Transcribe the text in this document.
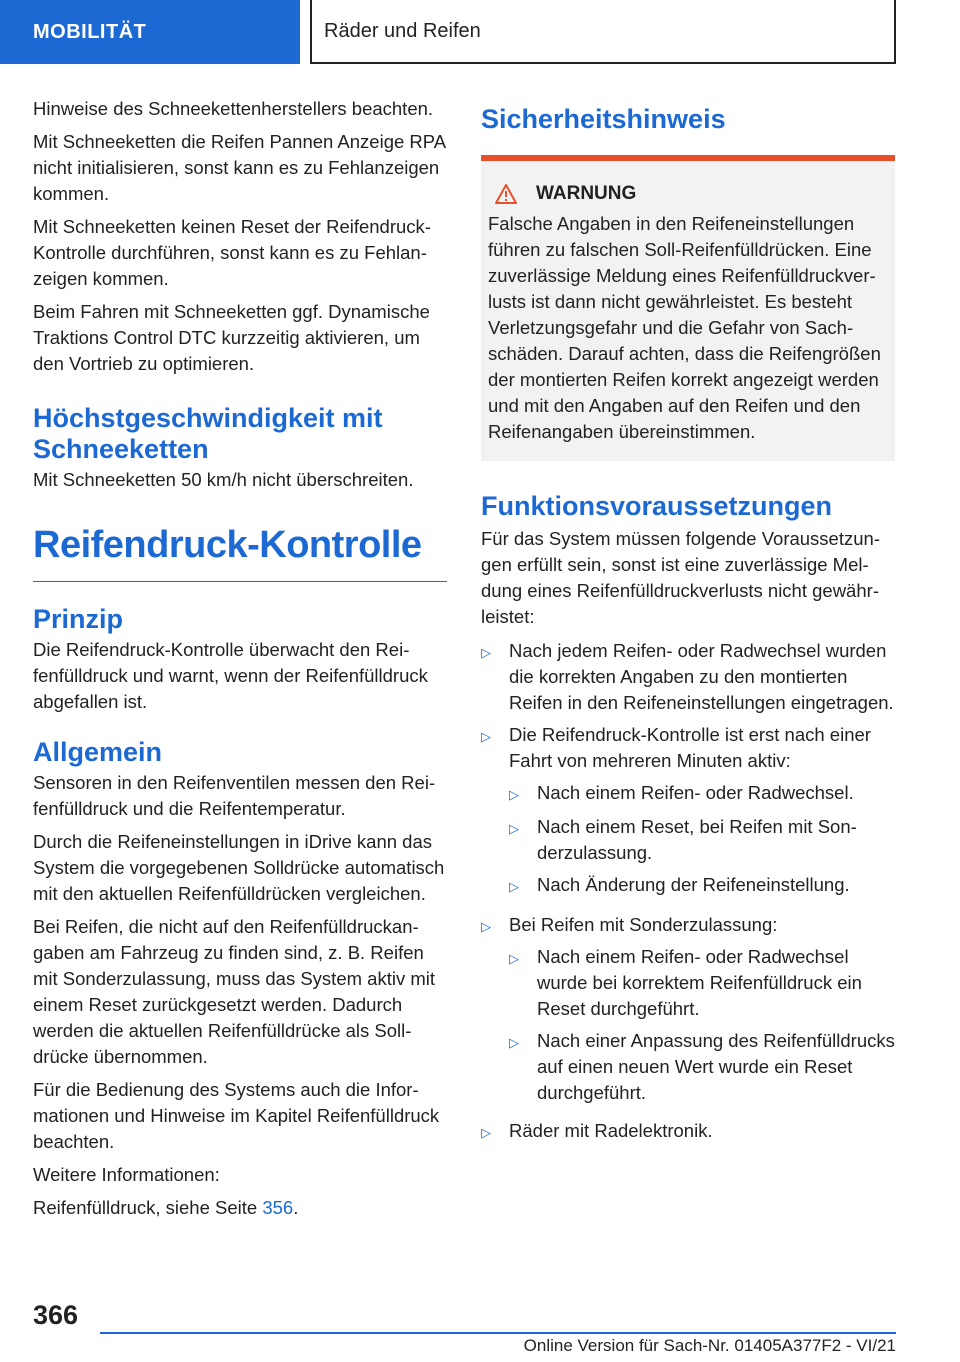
MOBILITÄT	Räder und Reifen

Hinweise des Schneekettenherstellers beachten.

Mit Schneeketten die Reifen Pannen Anzeige RPA nicht initialisieren, sonst kann es zu Fehlanzeigen kommen.

Mit Schneeketten keinen Reset der Reifendruck-Kontrolle durchführen, sonst kann es zu Fehlanzeigen kommen.

Beim Fahren mit Schneeketten ggf. Dynamische Traktions Control DTC kurzzeitig aktivieren, um den Vortrieb zu optimieren.

Höchstgeschwindigkeit mit Schneeketten

Mit Schneeketten 50 km/h nicht überschreiten.

Reifendruck-Kontrolle
Prinzip

Die Reifendruck-Kontrolle überwacht den Reifenfülldruck und warnt, wenn der Reifenfülldruck abgefallen ist.

Allgemein

Sensoren in den Reifenventilen messen den Reifenfülldruck und die Reifentemperatur.

Durch die Reifeneinstellungen in iDrive kann das System die vorgegebenen Solldrücke automatisch mit den aktuellen Reifenfülldrücken vergleichen.

Bei Reifen, die nicht auf den Reifenfülldruckangaben am Fahrzeug zu finden sind, z. B. Reifen mit Sonderzulassung, muss das System aktiv mit einem Reset zurückgesetzt werden. Dadurch werden die aktuellen Reifenfülldrücke als Solldrücke übernommen.

Für die Bedienung des Systems auch die Informationen und Hinweise im Kapitel Reifenfülldruck beachten.

Weitere Informationen:

Reifenfülldruck, siehe Seite 356.

Sicherheitshinweis
WARNUNG

Falsche Angaben in den Reifeneinstellungen führen zu falschen Soll-Reifenfülldrücken. Eine zuverlässige Meldung eines Reifenfülldruckverlusts ist dann nicht gewährleistet. Es besteht Verletzungsgefahr und die Gefahr von Sachschäden. Darauf achten, dass die Reifengrößen der montierten Reifen korrekt angezeigt werden und mit den Angaben auf den Reifen und den Reifenangaben übereinstimmen.

Funktionsvoraussetzungen

Für das System müssen folgende Voraussetzungen erfüllt sein, sonst ist eine zuverlässige Meldung eines Reifenfülldruckverlusts nicht gewährleistet:

▷ Nach jedem Reifen- oder Radwechsel wurden die korrekten Angaben zu den montierten Reifen in den Reifeneinstellungen eingetragen.
▷ Die Reifendruck-Kontrolle ist erst nach einer Fahrt von mehreren Minuten aktiv:
▷ Nach einem Reifen- oder Radwechsel.
▷ Nach einem Reset, bei Reifen mit Sonderzulassung.
▷ Nach Änderung der Reifeneinstellung.
▷ Bei Reifen mit Sonderzulassung:
▷ Nach einem Reifen- oder Radwechsel wurde bei korrektem Reifenfülldruck ein Reset durchgeführt.
▷ Nach einer Anpassung des Reifenfülldrucks auf einen neuen Wert wurde ein Reset durchgeführt.
▷ Räder mit Radelektronik.
366
Online Version für Sach-Nr. 01405A377F2 - VI/21
